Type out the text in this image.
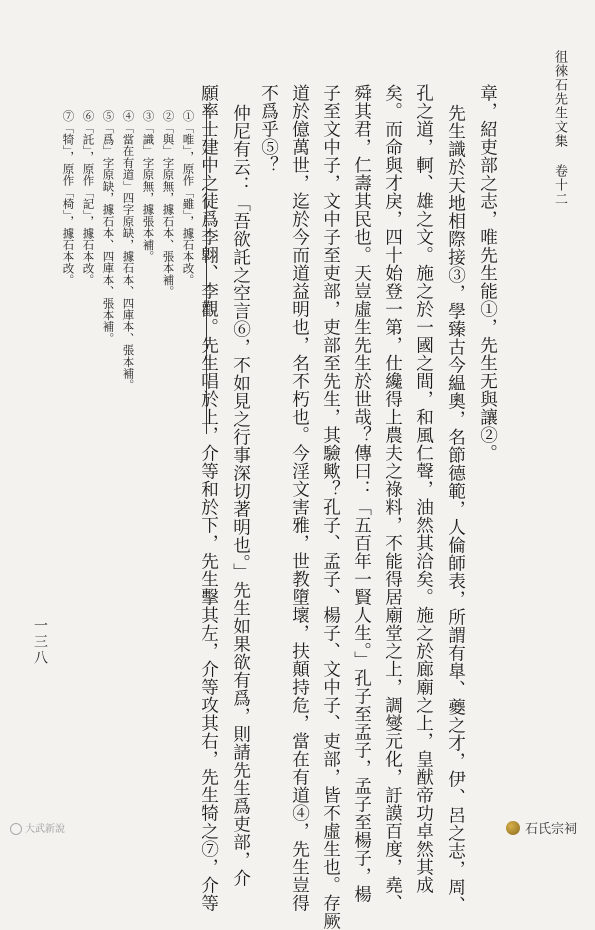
徂徠石先生文集卷十二
章，紹吏部之志，唯先生能①，先生无與讓②。
先生識於天地相際接③，學臻古今緼奧，名節德範，人倫師表，所謂有臯、夔之才，伊、呂之志，周、
孔之道，軻、雄之文。施之於一國之間，和風仁聲，油然其洽矣。施之於廊廟之上，皇猷帝功卓然其成
矣。而命與才戾，四十始登一第，仕纔得上農夫之祿料，不能得居廟堂之上，調燮元化，訏謨百度，堯、
舜其君，仁壽其民也。天豈虛生先生於世哉？傳曰：「五百年一賢人生。」孔子至孟子，孟子至楊子，楊
子至文中子，文中子至吏部，吏部至先生，其驗歟？孔子、孟子、楊子、文中子、吏部，皆不虛生也。存厥
道於億萬世，迄於今而道益明也，名不朽也。今淫文害雅，世教墮壞，扶顛持危，當在有道④，先生豈得
不爲乎⑤？
仲尼有云：「吾欲託之空言⑥，不如見之行事深切著明也。」先生如果欲有爲，則請先生爲吏部，介
願率士建中之徒爲李翺、李觀。先生唱於上，介等和於下，先生擊其左，介等攻其右，先生犄之⑦，介等
①「唯」，原作「雖」，據石本改。
②「與」字原無，據石本、張本補。
③「識」字原無，據張本補。
④「當在有道」四字原缺，據石本、四庫本、張本補。
⑤「爲」字原缺，據石本、四庫本、張本補。
⑥「託」，原作「記」，據石本改。
⑦「犄」，原作「椅」，據石本改。
一三八
大武新說	石氏宗祠
